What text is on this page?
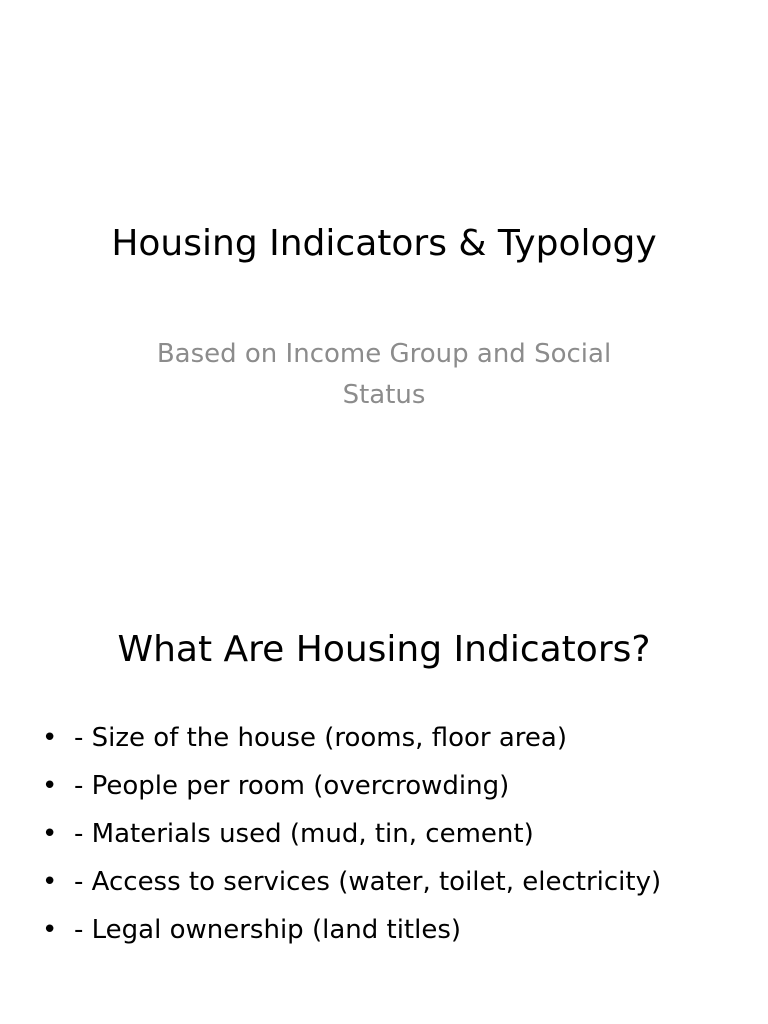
Housing Indicators & Typology
Based on Income Group and Social Status
What Are Housing Indicators?
• - Size of the house (rooms, floor area)
• - People per room (overcrowding)
• - Materials used (mud, tin, cement)
• - Access to services (water, toilet, electricity)
• - Legal ownership (land titles)
